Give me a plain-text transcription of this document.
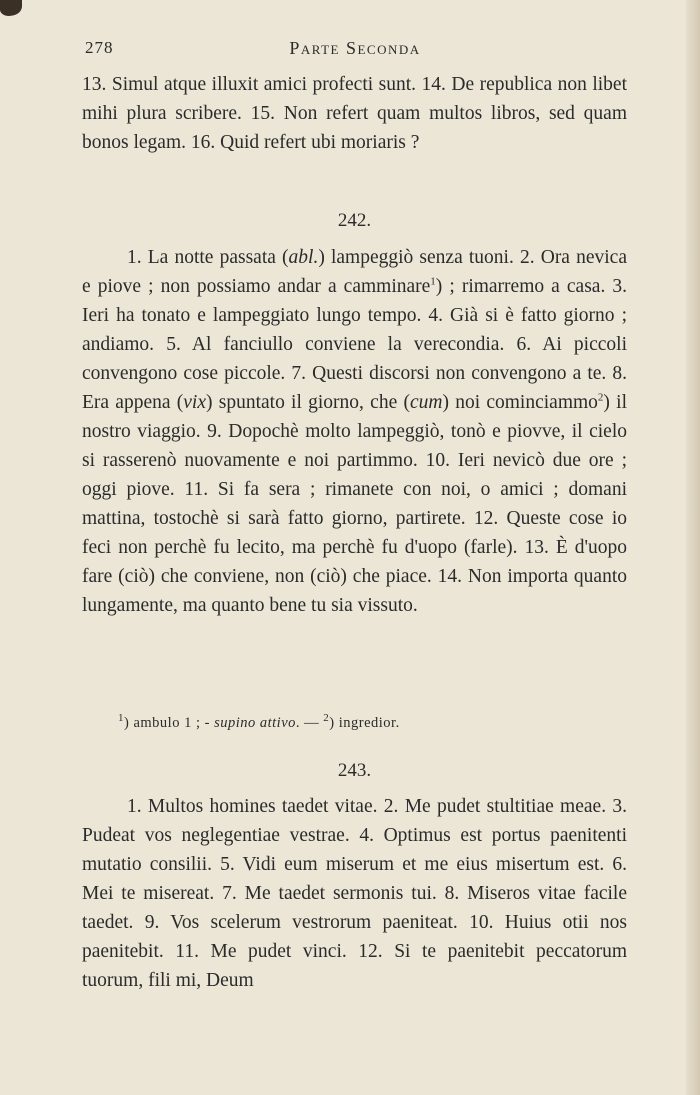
278	Parte Seconda
13. Simul atque illuxit amici profecti sunt. 14. De republica non libet mihi plura scribere. 15. Non refert quam multos libros, sed quam bonos legam. 16. Quid refert ubi moriaris ?
242.
1. La notte passata (abl.) lampeggiò senza tuoni. 2. Ora nevica e piove ; non possiamo andar a camminare$^1$) ; rimarremo a casa. 3. Ieri ha tonato e lampeggiato lungo tempo. 4. Già si è fatto giorno ; andiamo. 5. Al fanciullo conviene la verecondia. 6. Ai piccoli convengono cose piccole. 7. Questi discorsi non convengono a te. 8. Era appena (vix) spuntato il giorno, che (cum) noi cominciammo$^2$) il nostro viaggio. 9. Dopochè molto lampeggiò, tonò e piovve, il cielo si rasserenò nuovamente e noi partimmo. 10. Ieri nevicò due ore ; oggi piove. 11. Si fa sera ; rimanete con noi, o amici ; domani mattina, tostochè si sarà fatto giorno, partirete. 12. Queste cose io feci non perchè fu lecito, ma perchè fu d'uopo (farle). 13. È d'uopo fare (ciò) che conviene, non (ciò) che piace. 14. Non importa quanto lungamente, ma quanto bene tu sia vissuto.
$^1$) ambulo 1 ; - supino attivo. — $^2$) ingredior.
243.
1. Multos homines taedet vitae. 2. Me pudet stultitiae meae. 3. Pudeat vos neglegentiae vestrae. 4. Optimus est portus paenitenti mutatio consilii. 5. Vidi eum miserum et me eius misertum est. 6. Mei te misereat. 7. Me taedet sermonis tui. 8. Miseros vitae facile taedet. 9. Vos scelerum vestrorum paeniteat. 10. Huius otii nos paenitebit. 11. Me pudet vinci. 12. Si te paenitebit peccatorum tuorum, fili mi, Deum
